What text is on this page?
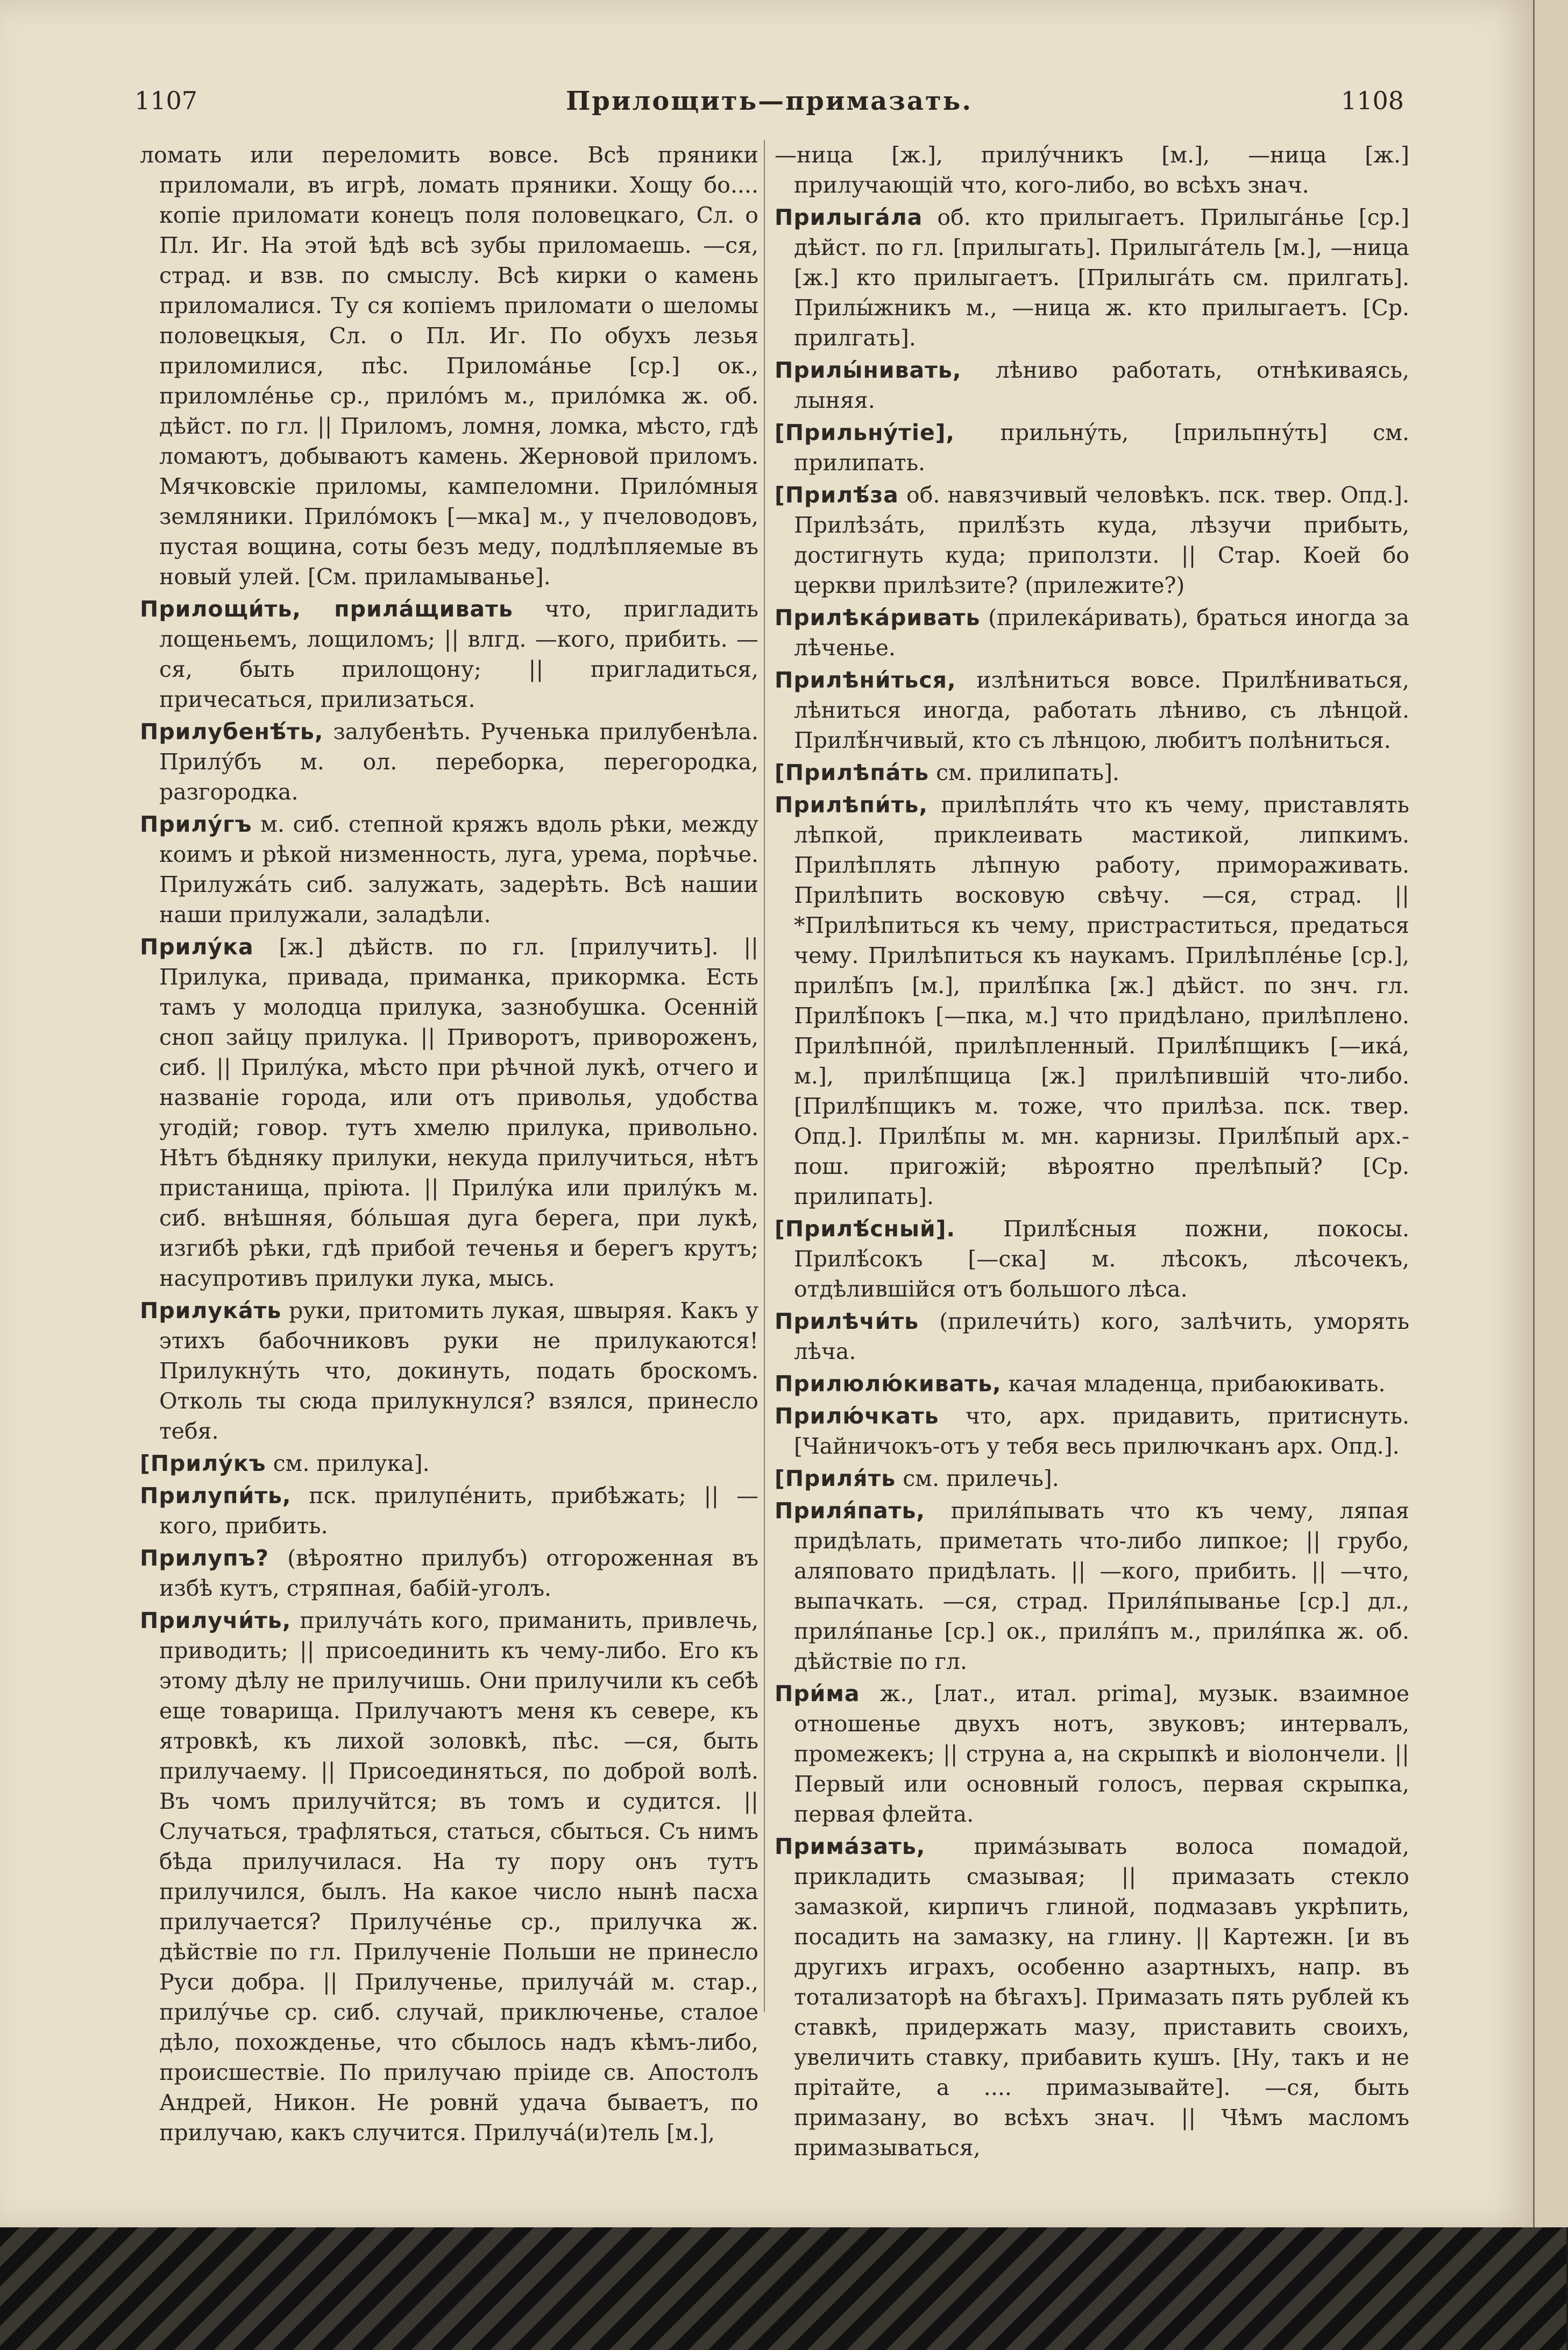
1107	Прилощить—примазать.	1108

ломать или переломить вовсе. Всѣ пряники приломали, въ игрѣ, ломать пряники. Хощу бо.... копіе приломати конецъ поля половецкаго, Сл. о Пл. Иг. На этой ѣдѣ всѣ зубы приломаешь. —ся, страд. и взв. по смыслу. Всѣ кирки о камень приломалися. Ту ся копіемъ приломати о шеломы половецкыя, Сл. о Пл. Иг. По обухъ лезья приломилися, пѣс. Приломáнье [ср.] ок., приломлéнье ср., прилóмъ м., прилóмка ж. об. дѣйст. по гл. || Приломъ, ломня, ломка, мѣсто, гдѣ ломаютъ, добываютъ камень. Жерновой приломъ. Мячковскіе приломы, кампеломни. Прилóмныя земляники. Прилóмокъ [—мка] м., у пчеловодовъ, пустая вощина, соты безъ меду, подлѣпляемые въ новый улей. [См. приламыванье].

Прилощи́ть, прила́щивать что, пригладить лощеньемъ, лощиломъ; || влгд. —кого, прибить. —ся, быть прилощону; || пригладиться, причесаться, прилизаться.

Прилубенѣ́ть, залубенѣть. Рученька прилубенѣла. Прилу́бъ м. ол. переборка, перегородка, разгородка.

Прилу́гъ м. сиб. степной кряжъ вдоль рѣки, между коимъ и рѣкой низменность, луга, урема, порѣчье. Прилужа́ть сиб. залужать, задерѣть. Всѣ нашии наши прилужали, заладѣли.

Прилу́ка [ж.] дѣйств. по гл. [прилучить]. || Прилука, привада, приманка, прикормка. Есть тамъ у молодца прилука, зазнобушка. Осенній сноп зайцу прилука. || Приворотъ, привороженъ, сиб. || Прилу́ка, мѣсто при рѣчной лукѣ, отчего и названіе города, или отъ приволья, удобства угодій; говор. тутъ хмелю прилука, привольно. Нѣтъ бѣдняку прилуки, некуда прилучиться, нѣтъ пристанища, пріюта. || Прилу́ка или прилу́къ м. сиб. внѣшняя, бóльшая дуга берега, при лукѣ, изгибѣ рѣки, гдѣ прибой теченья и берегъ крутъ; насупротивъ прилуки лука, мысь.

Прилука́ть руки, притомить лукая, швыряя. Какъ у этихъ бабочниковъ руки не прилукаются! Прилукну́ть что, докинуть, подать броскомъ. Отколь ты сюда прилукнулся? взялся, принесло тебя.

[Прилу́къ см. прилука].

Прилупи́ть, пск. прилупéнить, прибѣжать; || —кого, прибить.

Прилупъ? (вѣроятно прилубъ) отгороженная въ избѣ кутъ, стряпная, бабій-уголъ.

Прилучи́ть, прилуча́ть кого, приманить, привлечь, приводить; || присоединить къ чему-либо. Его къ этому дѣлу не прилучишь. Они прилучили къ себѣ еще товарища. Прилучаютъ меня къ севере, къ ятровкѣ, къ лихой золовкѣ, пѣс. —ся, быть прилучаему. || Присоединяться, по доброй волѣ. Въ чомъ прилучйтся; въ томъ и судится. || Случаться, трафляться, статься, сбыться. Съ нимъ бѣда прилучилася. На ту пору онъ тутъ прилучился, былъ. На какое число нынѣ пасха прилучается? Прилучéнье ср., прилучка ж. дѣйствіе по гл. Прилученіе Польши не принесло Руси добра. || Прилученье, прилучáй м. стар., прилу́чье ср. сиб. случай, приключенье, сталое дѣло, похожденье, что сбылось надъ кѣмъ-либо, происшествіе. По прилучаю пріиде св. Апостолъ Андрей, Никон. Не ровнй удача бываетъ, по прилучаю, какъ случится. Прилуча́(и)тель [м.],

—ница [ж.], прилу́чникъ [м.], —ница [ж.] прилучающій что, кого-либо, во всѣхъ знач.

Прилыга́ла об. кто прилыгаетъ. Прилыга́нье [ср.] дѣйст. по гл. [прилыгать]. Прилыга́тель [м.], —ница [ж.] кто прилыгаетъ. [Прилыга́ть см. прилгать]. Прилы́жникъ м., —ница ж. кто прилыгаетъ. [Ср. прилгать].

Прилы́нивать, лѣниво работать, отнѣкиваясь, лыняя.

[Прильну́тіе], прильну́ть, [прильпну́ть] см. прилипать.

[Прилѣ́за об. навязчивый человѣкъ. пск. твер. Опд.]. Прилѣза́ть, прилѣ́зть куда, лѣзучи прибыть, достигнуть куда; приползти. || Стар. Коей бо церкви прилѣзите? (прилежите?)

Прилѣка́ривать (прилекáривать), браться иногда за лѣченье.

Прилѣни́ться, излѣниться вовсе. Прилѣ́ниваться, лѣниться иногда, работать лѣниво, съ лѣнцой. Прилѣ́нчивый, кто съ лѣнцою, любитъ полѣниться.

[Прилѣпа́ть см. прилипать].

Прилѣпи́ть, прилѣпля́ть что къ чему, приставлять лѣпкой, приклеивать мастикой, липкимъ. Прилѣплять лѣпную работу, примораживать. Прилѣпить восковую свѣчу. —ся, страд. || *Прилѣпиться къ чему, пристраститься, предаться чему. Прилѣпиться къ наукамъ. Прилѣплéнье [ср.], прилѣ́пъ [м.], прилѣ́пка [ж.] дѣйст. по знч. гл. Прилѣ́покъ [—пка, м.] что придѣлано, прилѣплено. Прилѣпно́й, прилѣпленный. Прилѣ́пщикъ [—ика́, м.], прилѣ́пщица [ж.] прилѣпившій что-либо. [Прилѣ́пщикъ м. тоже, что прилѣза. пск. твер. Опд.]. Прилѣ́пы м. мн. карнизы. Прилѣ́пый арх.-пош. пригожій; вѣроятно прелѣпый? [Ср. прилипать].

[Прилѣ́сный]. Прилѣ́сныя пожни, покосы. Прилѣ́сокъ [—ска] м. лѣсокъ, лѣсочекъ, отдѣлившійся отъ большого лѣса.

Прилѣчи́ть (прилечи́ть) кого, залѣчить, уморять лѣча.

Прилюлю́кивать, качая младенца, прибаюкивать.

Прилю́чкать что, арх. придавить, притиснуть. [Чайничокъ-отъ у тебя весь прилючканъ арх. Опд.].

[Приля́ть см. прилечь].

Приля́пать, приля́пывать что къ чему, ляпая придѣлать, приметать что-либо липкое; || грубо, аляповато придѣлать. || —кого, прибить. || —что, выпачкать. —ся, страд. Приля́пыванье [ср.] дл., приля́панье [ср.] ок., приля́пъ м., приля́пка ж. об. дѣйствіе по гл.

При́ма ж., [лат., итал. prima], музык. взаимное отношенье двухъ нотъ, звуковъ; интервалъ, промежекъ; || струна а, на скрыпкѣ и віолончели. || Первый или основный голосъ, первая скрыпка, первая флейта.

Примáзать, примáзывать волоса помадой, прикладить смазывая; || примазать стекло замазкой, кирпичъ глиной, подмазавъ укрѣпить, посадить на замазку, на глину. || Картежн. [и въ другихъ играхъ, особенно азартныхъ, напр. въ тотализаторѣ на бѣгахъ]. Примазать пять рублей къ ставкѣ, придержать мазу, приставить своихъ, увеличить ставку, прибавить кушъ. [Ну, такъ и не прітайте, а .... примазывайте]. —ся, быть примазану, во всѣхъ знач. || Чѣмъ масломъ примазываться,
